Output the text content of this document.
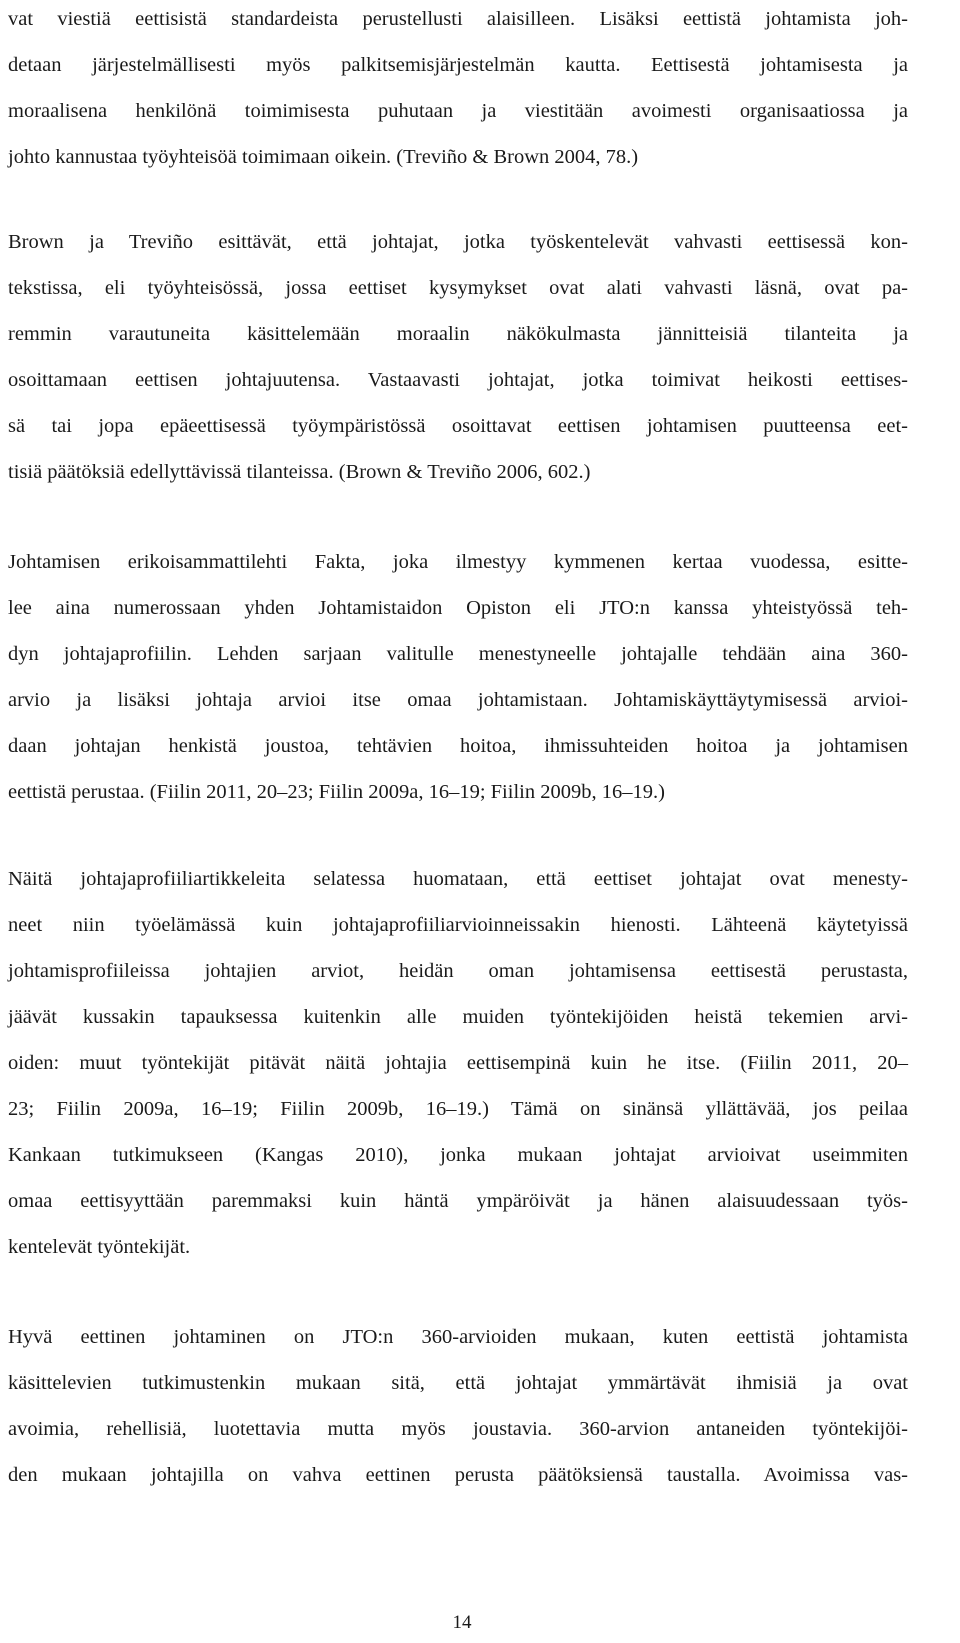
vat viestiä eettisistä standardeista perustellusti alaisilleen. Lisäksi eettistä johtamista joh-
detaan järjestelmällisesti myös palkitsemisjärjestelmän kautta. Eettisestä johtamisesta ja
moraalisena henkilönä toimimisesta puhutaan ja viestitään avoimesti organisaatiossa ja
johto kannustaa työyhteisöä toimimaan oikein. (Treviño & Brown 2004, 78.)
Brown ja Treviño esittävät, että johtajat, jotka työskentelevät vahvasti eettisessä kon-
tekstissa, eli työyhteisössä, jossa eettiset kysymykset ovat alati vahvasti läsnä, ovat pa-
remmin varautuneita käsittelemään moraalin näkökulmasta jännitteisiä tilanteita ja
osoittamaan eettisen johtajuutensa. Vastaavasti johtajat, jotka toimivat heikosti eettises-
sä tai jopa epäeettisessä työympäristössä osoittavat eettisen johtamisen puutteensa eet-
tisiä päätöksiä edellyttävissä tilanteissa. (Brown & Treviño 2006, 602.)
Johtamisen erikoisammattilehti Fakta, joka ilmestyy kymmenen kertaa vuodessa, esitte-
lee aina numerossaan yhden Johtamistaidon Opiston eli JTO:n kanssa yhteistyössä teh-
dyn johtajaprofiilin. Lehden sarjaan valitulle menestyneelle johtajalle tehdään aina 360-
arvio ja lisäksi johtaja arvioi itse omaa johtamistaan. Johtamiskäyttäytymisessä arvioi-
daan johtajan henkistä joustoa, tehtävien hoitoa, ihmissuhteiden hoitoa ja johtamisen
eettistä perustaa. (Fiilin 2011, 20–23; Fiilin 2009a, 16–19; Fiilin 2009b, 16–19.)
Näitä johtajaprofiiliartikkeleita selatessa huomataan, että eettiset johtajat ovat menesty-
neet niin työelämässä kuin johtajaprofiiliarvioinneissakin hienosti. Lähteenä käytetyissä
johtamisprofiileissa johtajien arviot, heidän oman johtamisensa eettisestä perustasta,
jäävät kussakin tapauksessa kuitenkin alle muiden työntekijöiden heistä tekemien arvi-
oiden: muut työntekijät pitävät näitä johtajia eettisempinä kuin he itse. (Fiilin 2011, 20–
23; Fiilin 2009a, 16–19; Fiilin 2009b, 16–19.) Tämä on sinänsä yllättävää, jos peilaa
Kankaan tutkimukseen (Kangas 2010), jonka mukaan johtajat arvioivat useimmiten
omaa eettisyyttään paremmaksi kuin häntä ympäröivät ja hänen alaisuudessaan työs-
kentelevät työntekijät.
Hyvä eettinen johtaminen on JTO:n 360-arvioiden mukaan, kuten eettistä johtamista
käsittelevien tutkimustenkin mukaan sitä, että johtajat ymmärtävät ihmisiä ja ovat
avoimia, rehellisiä, luotettavia mutta myös joustavia. 360-arvion antaneiden työntekijöi-
den mukaan johtajilla on vahva eettinen perusta päätöksiensä taustalla. Avoimissa vas-
14
